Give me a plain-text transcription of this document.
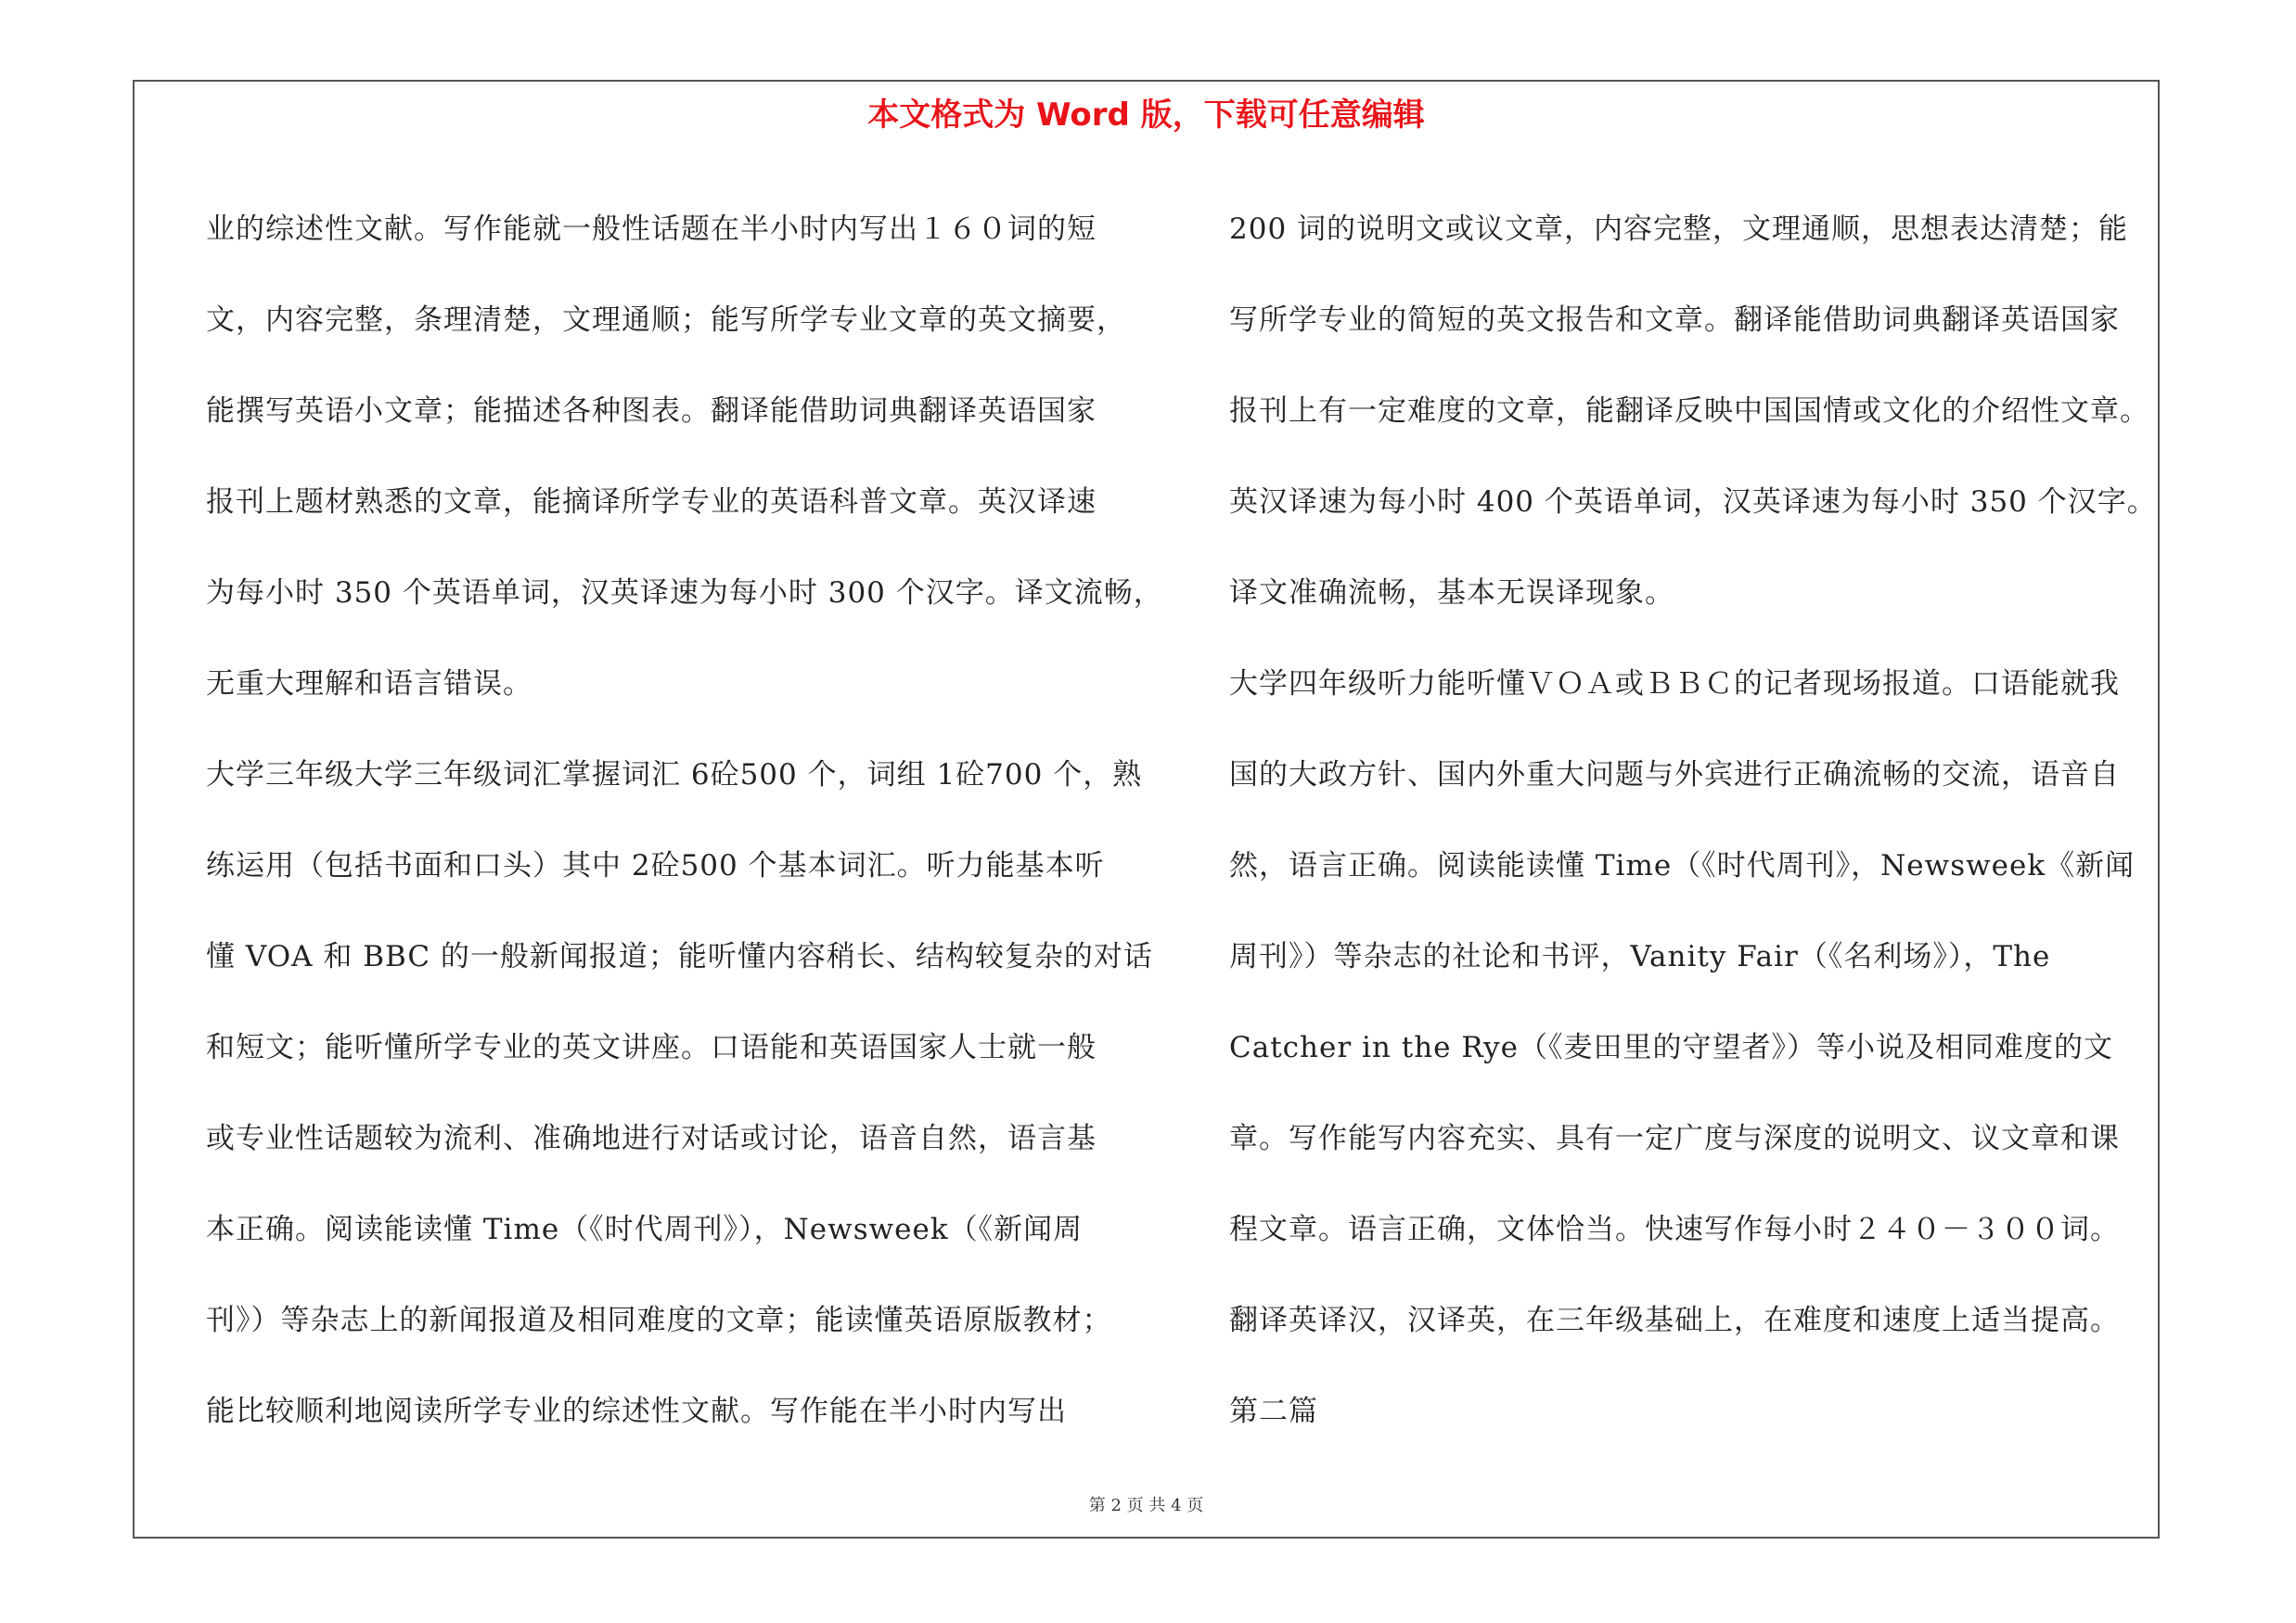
本文格式为 Word 版，下载可任意编辑
业的综述性文献。写作能就一般性话题在半小时内写出１６０词的短
文，内容完整，条理清楚，文理通顺；能写所学专业文章的英文摘要，
能撰写英语小文章；能描述各种图表。翻译能借助词典翻译英语国家
报刊上题材熟悉的文章，能摘译所学专业的英语科普文章。英汉译速
为每小时 350 个英语单词，汉英译速为每小时 300 个汉字。译文流畅，
无重大理解和语言错误。
大学三年级大学三年级词汇掌握词汇 6砼500 个，词组 1砼700 个，熟
练运用（包括书面和口头）其中 2砼500 个基本词汇。听力能基本听
懂 VOA 和 BBC 的一般新闻报道；能听懂内容稍长、结构较复杂的对话
和短文；能听懂所学专业的英文讲座。口语能和英语国家人士就一般
或专业性话题较为流利、准确地进行对话或讨论，语音自然，语言基
本正确。阅读能读懂 Time（《时代周刊》），Newsweek（《新闻周
刊》）等杂志上的新闻报道及相同难度的文章；能读懂英语原版教材；
能比较顺利地阅读所学专业的综述性文献。写作能在半小时内写出
200 词的说明文或议文章，内容完整，文理通顺，思想表达清楚；能
写所学专业的简短的英文报告和文章。翻译能借助词典翻译英语国家
报刊上有一定难度的文章，能翻译反映中国国情或文化的介绍性文章。
英汉译速为每小时 400 个英语单词，汉英译速为每小时 350 个汉字。
译文准确流畅，基本无误译现象。
大学四年级听力能听懂ＶＯＡ或ＢＢＣ的记者现场报道。口语能就我
国的大政方针、国内外重大问题与外宾进行正确流畅的交流，语音自
然，语言正确。阅读能读懂 Time（《时代周刊》，Newsweek《新闻
周刊》）等杂志的社论和书评，Vanity Fair（《名利场》），The
Catcher in the Rye（《麦田里的守望者》）等小说及相同难度的文
章。写作能写内容充实、具有一定广度与深度的说明文、议文章和课
程文章。语言正确，文体恰当。快速写作每小时２４０－３００词。
翻译英译汉，汉译英，在三年级基础上，在难度和速度上适当提高。
第二篇
第 2 页 共 4 页
